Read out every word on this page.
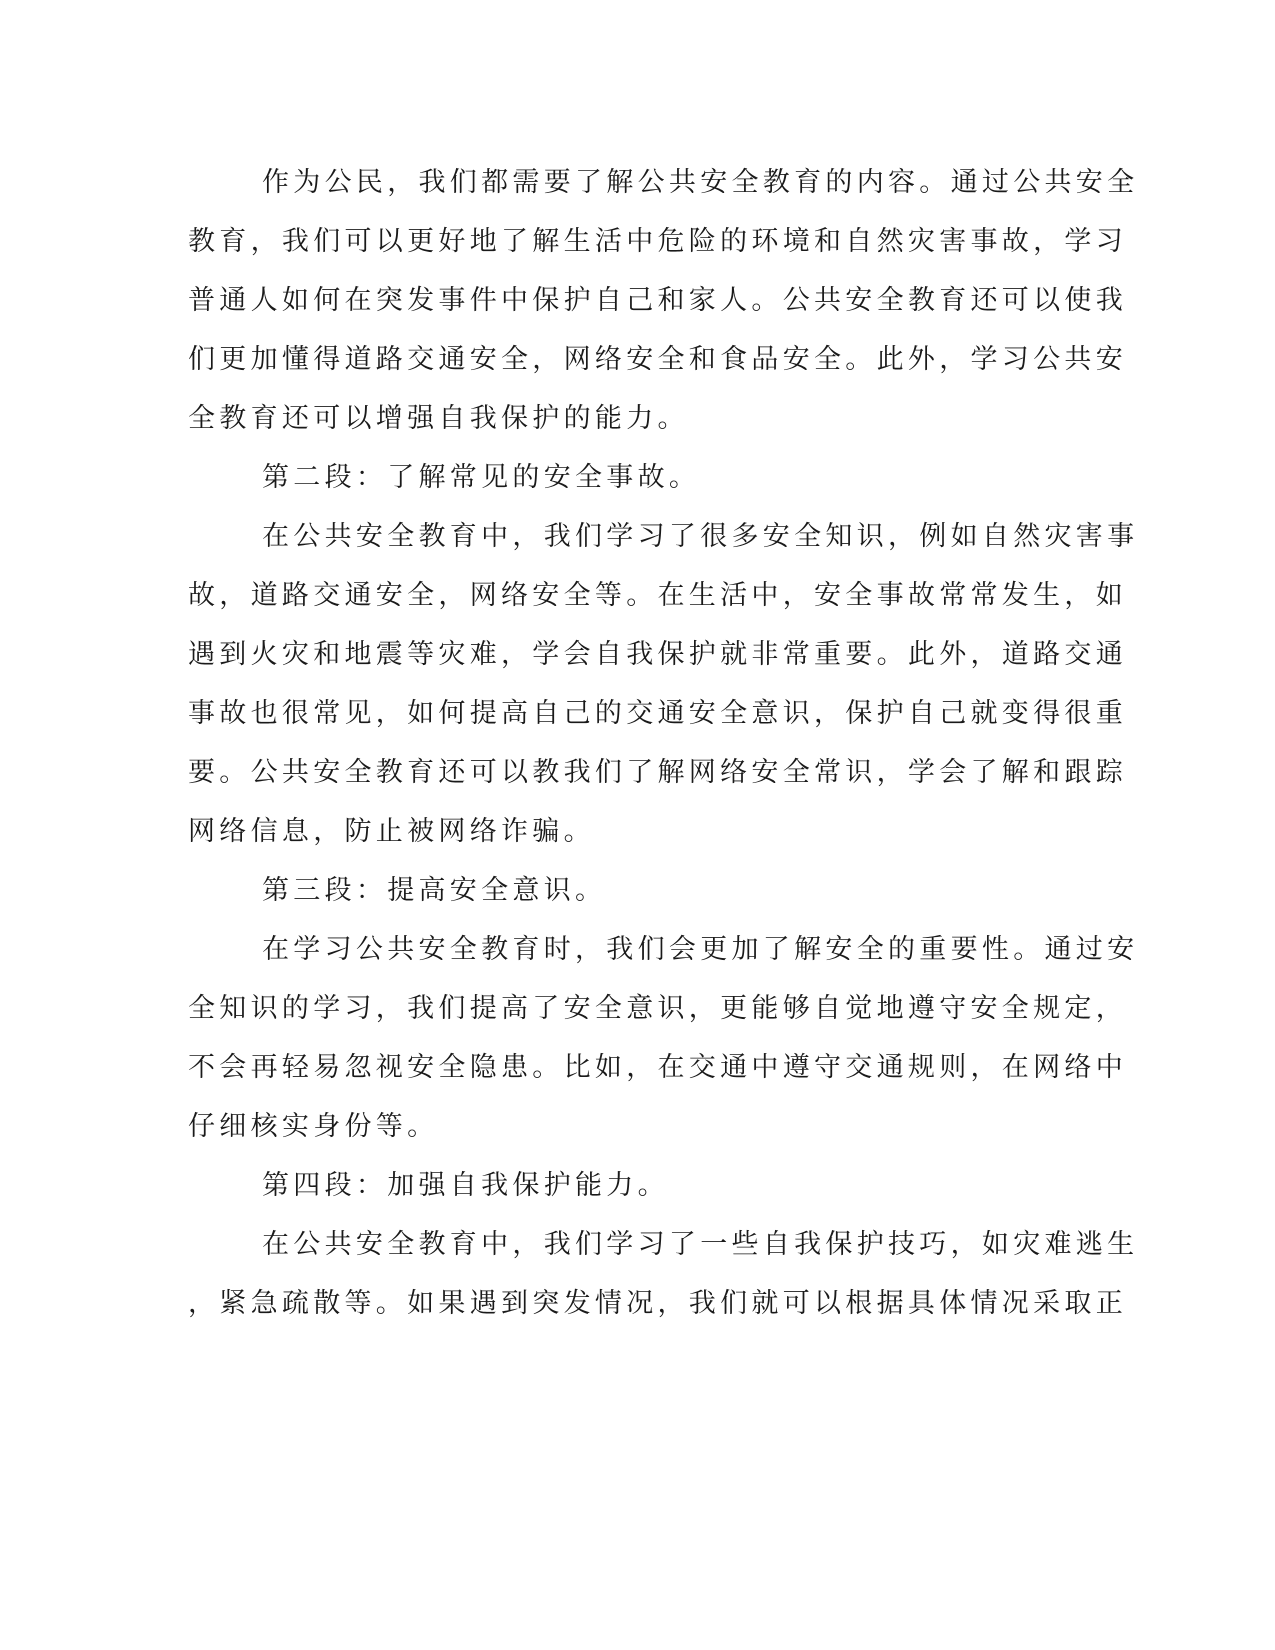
作为公民，我们都需要了解公共安全教育的内容。通过公共安全

教育，我们可以更好地了解生活中危险的环境和自然灾害事故，学习

普通人如何在突发事件中保护自己和家人。公共安全教育还可以使我

们更加懂得道路交通安全，网络安全和食品安全。此外，学习公共安

全教育还可以增强自我保护的能力。

第二段：了解常见的安全事故。

在公共安全教育中，我们学习了很多安全知识，例如自然灾害事

故，道路交通安全，网络安全等。在生活中，安全事故常常发生，如

遇到火灾和地震等灾难，学会自我保护就非常重要。此外，道路交通

事故也很常见，如何提高自己的交通安全意识，保护自己就变得很重

要。公共安全教育还可以教我们了解网络安全常识，学会了解和跟踪

网络信息，防止被网络诈骗。

第三段：提高安全意识。

在学习公共安全教育时，我们会更加了解安全的重要性。通过安

全知识的学习，我们提高了安全意识，更能够自觉地遵守安全规定，

不会再轻易忽视安全隐患。比如，在交通中遵守交通规则，在网络中

仔细核实身份等。

第四段：加强自我保护能力。

在公共安全教育中，我们学习了一些自我保护技巧，如灾难逃生

，紧急疏散等。如果遇到突发情况，我们就可以根据具体情况采取正
